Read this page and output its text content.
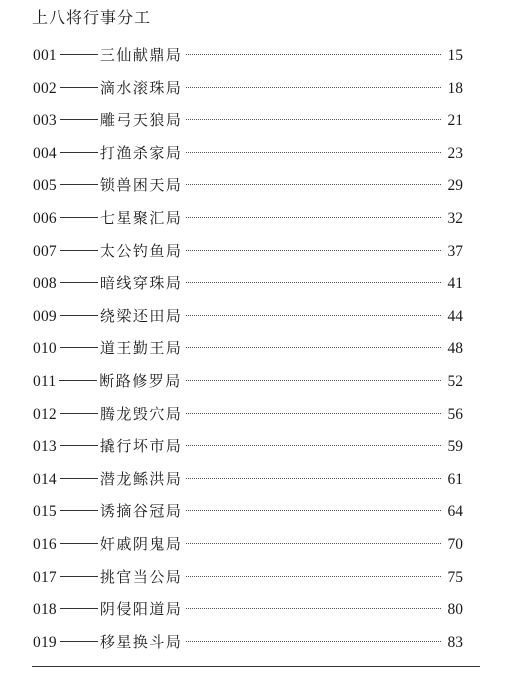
上八将行事分工
001	三仙献鼎局	15
002	滴水滚珠局	18
003	雕弓天狼局	21
004	打渔杀家局	23
005	锁兽困天局	29
006	七星聚汇局	32
007	太公钓鱼局	37
008	暗线穿珠局	41
009	绕梁还田局	44
010	道王勤王局	48
011	断路修罗局	52
012	腾龙毁穴局	56
013	撬行坏市局	59
014	潜龙鲧洪局	61
015	诱摘谷冠局	64
016	奸戚阴鬼局	70
017	挑官当公局	75
018	阴侵阳道局	80
019	移星换斗局	83
